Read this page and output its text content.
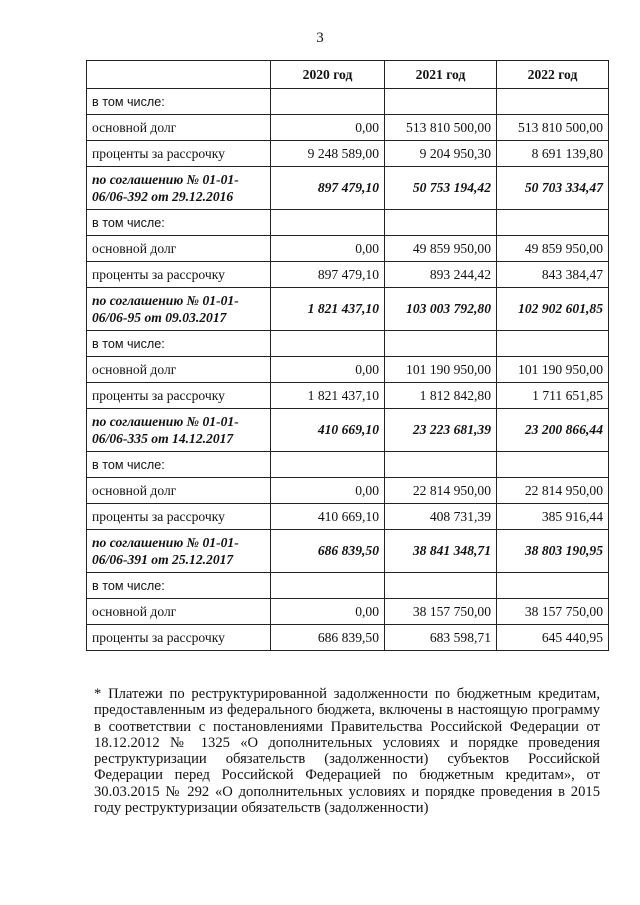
3
	2020 год	2021 год	2022 год
в том числе:			
основной долг	0,00	513 810 500,00	513 810 500,00
проценты за рассрочку	9 248 589,00	9 204 950,30	8 691 139,80
по соглашению № 01-01-06/06-392 от 29.12.2016	897 479,10	50 753 194,42	50 703 334,47
в том числе:			
основной долг	0,00	49 859 950,00	49 859 950,00
проценты за рассрочку	897 479,10	893 244,42	843 384,47
по соглашению № 01-01-06/06-95 от 09.03.2017	1 821 437,10	103 003 792,80	102 902 601,85
в том числе:			
основной долг	0,00	101 190 950,00	101 190 950,00
проценты за рассрочку	1 821 437,10	1 812 842,80	1 711 651,85
по соглашению № 01-01-06/06-335 от 14.12.2017	410 669,10	23 223 681,39	23 200 866,44
в том числе:			
основной долг	0,00	22 814 950,00	22 814 950,00
проценты за рассрочку	410 669,10	408 731,39	385 916,44
по соглашению № 01-01-06/06-391 от 25.12.2017	686 839,50	38 841 348,71	38 803 190,95
в том числе:			
основной долг	0,00	38 157 750,00	38 157 750,00
проценты за рассрочку	686 839,50	683 598,71	645 440,95
* Платежи по реструктурированной задолженности по бюджетным кредитам, предоставленным из федерального бюджета, включены в настоящую программу в соответствии с постановлениями Правительства Российской Федерации от 18.12.2012 № 1325 «О дополнительных условиях и порядке проведения реструктуризации обязательств (задолженности) субъектов Российской Федерации перед Российской Федерацией по бюджетным кредитам», от 30.03.2015 № 292 «О дополнительных условиях и порядке проведения в 2015 году реструктуризации обязательств (задолженности)
